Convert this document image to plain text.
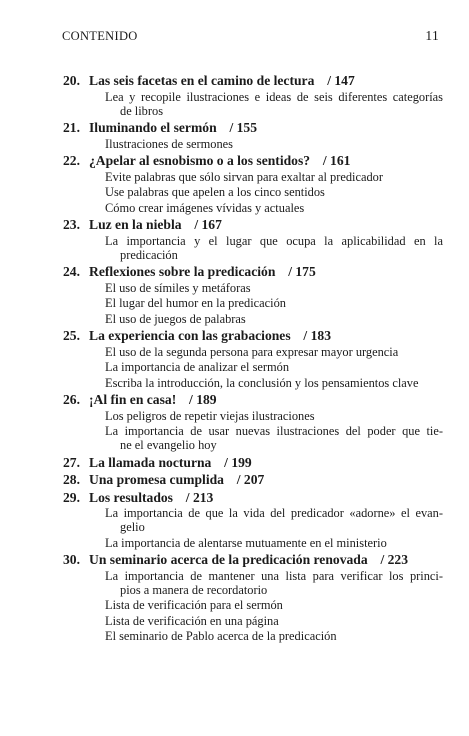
CONTENIDO	11
20. Las seis facetas en el camino de lectura / 147
Lea y recopile ilustraciones e ideas de seis diferentes categorías
de libros
21. Iluminando el sermón / 155
Ilustraciones de sermones
22. ¿Apelar al esnobismo o a los sentidos? / 161
Evite palabras que sólo sirvan para exaltar al predicador
Use palabras que apelen a los cinco sentidos
Cómo crear imágenes vívidas y actuales
23. Luz en la niebla / 167
La importancia y el lugar que ocupa la aplicabilidad en la
predicación
24. Reflexiones sobre la predicación / 175
El uso de símiles y metáforas
El lugar del humor en la predicación
El uso de juegos de palabras
25. La experiencia con las grabaciones / 183
El uso de la segunda persona para expresar mayor urgencia
La importancia de analizar el sermón
Escriba la introducción, la conclusión y los pensamientos clave
26. ¡Al fin en casa! / 189
Los peligros de repetir viejas ilustraciones
La importancia de usar nuevas ilustraciones del poder que tie-
ne el evangelio hoy
27. La llamada nocturna / 199
28. Una promesa cumplida / 207
29. Los resultados / 213
La importancia de que la vida del predicador «adorne» el evan-
gelio
La importancia de alentarse mutuamente en el ministerio
30. Un seminario acerca de la predicación renovada / 223
La importancia de mantener una lista para verificar los princi-
pios a manera de recordatorio
Lista de verificación para el sermón
Lista de verificación en una página
El seminario de Pablo acerca de la predicación
